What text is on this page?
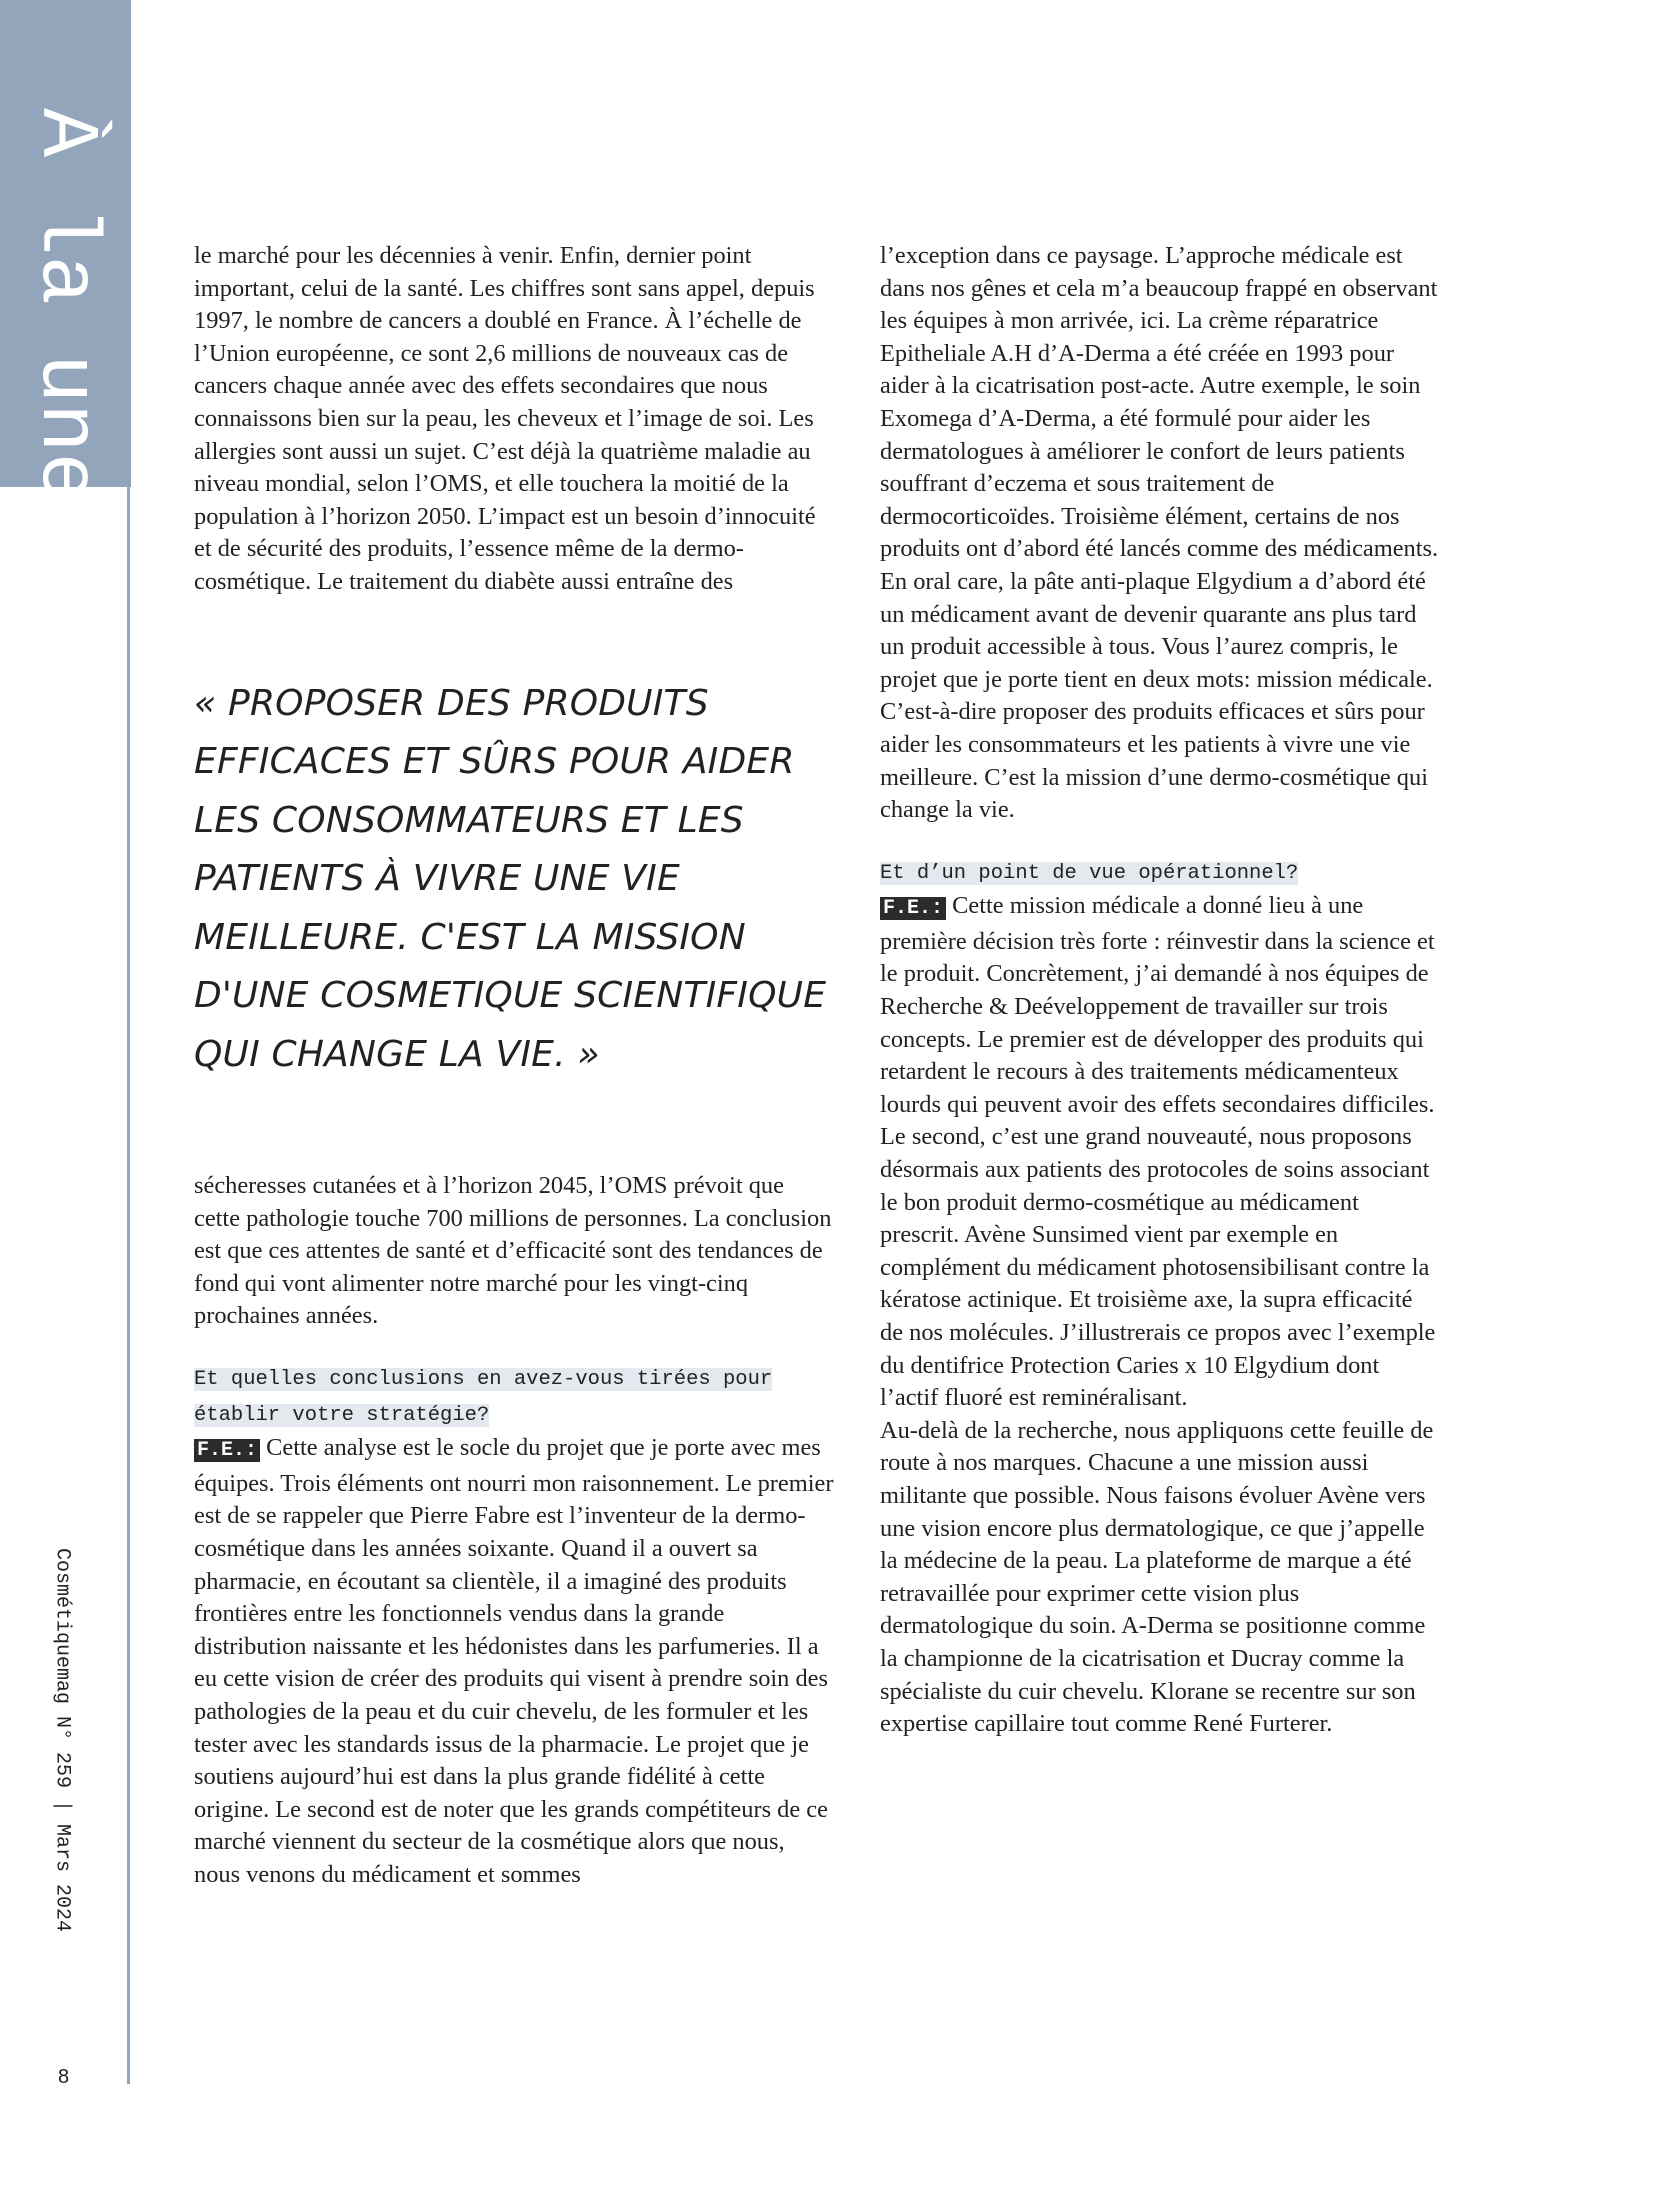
À la une
Cosmétiquemag N° 259 | Mars 2024
8

le marché pour les décennies à venir. Enfin, dernier point important, celui de la santé. Les chiffres sont sans appel, depuis 1997, le nombre de cancers a doublé en France. À l’échelle de l’Union européenne, ce sont 2,6 millions de nouveaux cas de cancers chaque année avec des effets secondaires que nous connaissons bien sur la peau, les cheveux et l’image de soi. Les allergies sont aussi un sujet. C’est déjà la quatrième maladie au niveau mondial, selon l’OMS, et elle touchera la moitié de la population à l’horizon 2050. L’impact est un besoin d’innocuité et de sécurité des produits, l’essence même de la dermo-cosmétique. Le traitement du diabète aussi entraîne des

« PROPOSER DES PRODUITS EFFICACES ET SÛRS POUR AIDER LES CONSOMMATEURS ET LES PATIENTS À VIVRE UNE VIE MEILLEURE. C'EST LA MISSION D'UNE COSMETIQUE SCIENTIFIQUE QUI CHANGE LA VIE. »

sécheresses cutanées et à l’horizon 2045, l’OMS prévoit que cette pathologie touche 700 millions de personnes. La conclusion est que ces attentes de santé et d’efficacité sont des tendances de fond qui vont alimenter notre marché pour les vingt-cinq prochaines années.

Et quelles conclusions en avez-vous tirées pour établir votre stratégie?

F.E.: Cette analyse est le socle du projet que je porte avec mes équipes. Trois éléments ont nourri mon raisonnement. Le premier est de se rappeler que Pierre Fabre est l’inventeur de la dermo-cosmétique dans les années soixante. Quand il a ouvert sa pharmacie, en écoutant sa clientèle, il a imaginé des produits frontières entre les fonctionnels vendus dans la grande distribution naissante et les hédonistes dans les parfumeries. Il a eu cette vision de créer des produits qui visent à prendre soin des pathologies de la peau et du cuir chevelu, de les formuler et les tester avec les standards issus de la pharmacie. Le projet que je soutiens aujourd’hui est dans la plus grande fidélité à cette origine. Le second est de noter que les grands compétiteurs de ce marché viennent du secteur de la cosmétique alors que nous, nous venons du médicament et sommes

l’exception dans ce paysage. L’approche médicale est dans nos gênes et cela m’a beaucoup frappé en observant les équipes à mon arrivée, ici. La crème réparatrice Epitheliale A.H d’A-Derma a été créée en 1993 pour aider à la cicatrisation post-acte. Autre exemple, le soin Exomega d’A-Derma, a été formulé pour aider les dermatologues à améliorer le confort de leurs patients souffrant d’eczema et sous traitement de dermocorticoïdes. Troisième élément, certains de nos produits ont d’abord été lancés comme des médicaments. En oral care, la pâte anti-plaque Elgydium a d’abord été un médicament avant de devenir quarante ans plus tard un produit accessible à tous. Vous l’aurez compris, le projet que je porte tient en deux mots: mission médicale. C’est-à-dire proposer des produits efficaces et sûrs pour aider les consommateurs et les patients à vivre une vie meilleure. C’est la mission d’une dermo-cosmétique qui change la vie.

Et d’un point de vue opérationnel?

F.E.: Cette mission médicale a donné lieu à une première décision très forte : réinvestir dans la science et le produit. Concrètement, j’ai demandé à nos équipes de Recherche & Deéveloppement de travailler sur trois concepts. Le premier est de développer des produits qui retardent le recours à des traitements médicamenteux lourds qui peuvent avoir des effets secondaires difficiles. Le second, c’est une grand nouveauté, nous proposons désormais aux patients des protocoles de soins associant le bon produit dermo-cosmétique au médicament prescrit. Avène Sunsimed vient par exemple en complément du médicament photosensibilisant contre la kératose actinique. Et troisième axe, la supra efficacité de nos molécules. J’illustrerais ce propos avec l’exemple du dentifrice Protection Caries x 10 Elgydium dont l’actif fluoré est reminéralisant.

Au-delà de la recherche, nous appliquons cette feuille de route à nos marques. Chacune a une mission aussi militante que possible. Nous faisons évoluer Avène vers une vision encore plus dermatologique, ce que j’appelle la médecine de la peau. La plateforme de marque a été retravaillée pour exprimer cette vision plus dermatologique du soin. A-Derma se positionne comme la championne de la cicatrisation et Ducray comme la spécialiste du cuir chevelu. Klorane se recentre sur son expertise capillaire tout comme René Furterer.
